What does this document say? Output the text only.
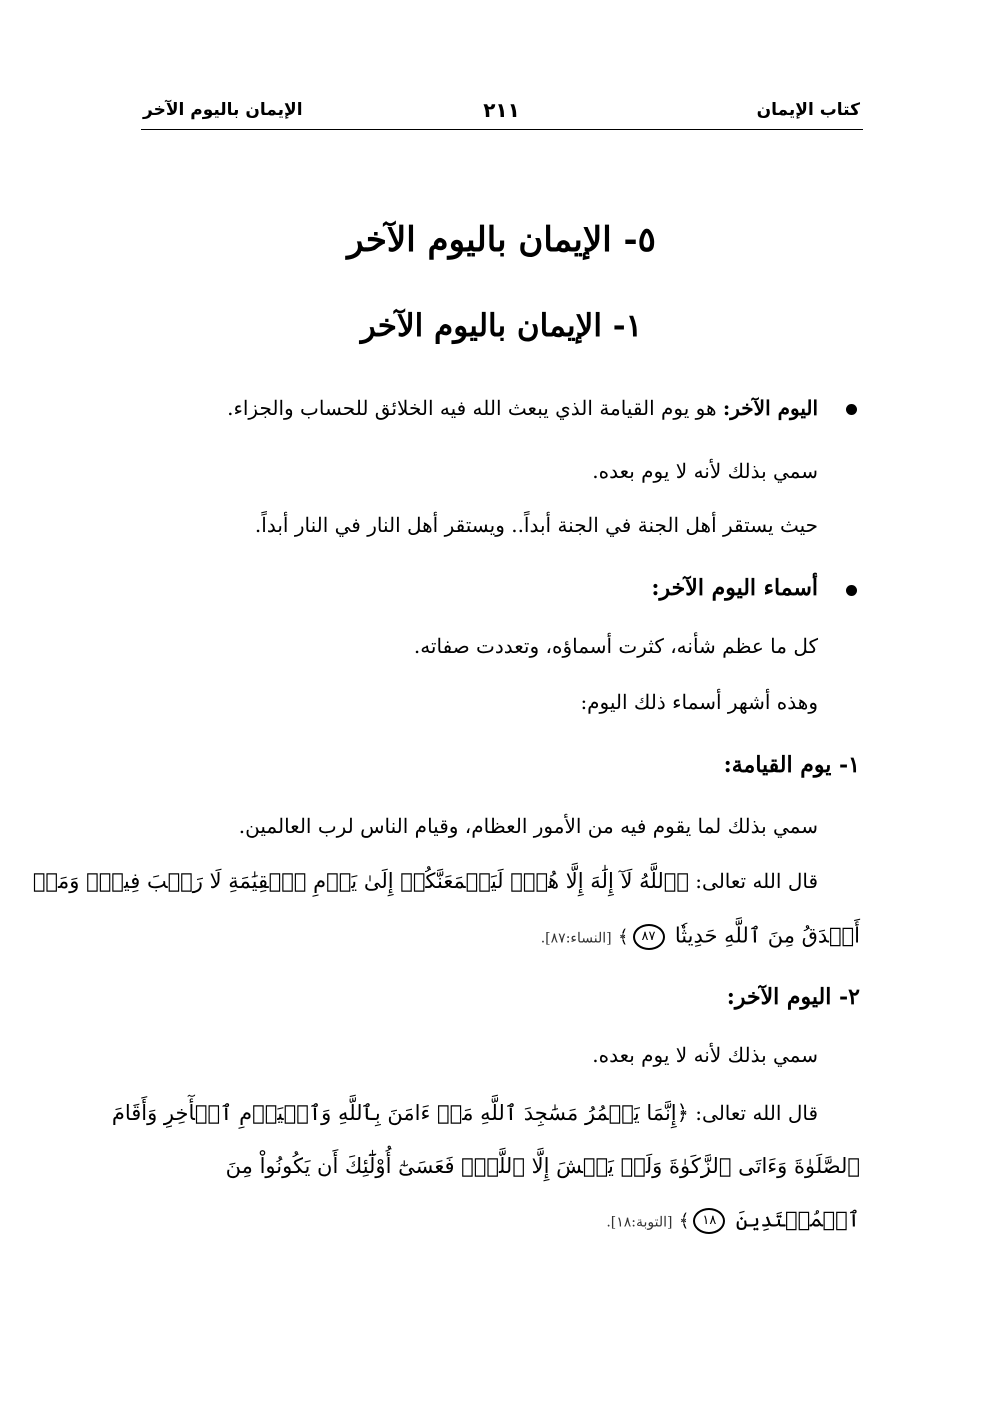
كتاب الإيمان
٢١١
الإيمان باليوم الآخر
٥- الإيمان باليوم الآخر
١- الإيمان باليوم الآخر
اليوم الآخر: هو يوم القيامة الذي يبعث الله فيه الخلائق للحساب والجزاء.
سمي بذلك لأنه لا يوم بعده.
حيث يستقر أهل الجنة في الجنة أبداً.. ويستقر أهل النار في النار أبداً.
أسماء اليوم الآخر:
كل ما عظم شأنه، كثرت أسماؤه، وتعددت صفاته.
وهذه أشهر أسماء ذلك اليوم:
١- يوم القيامة:
سمي بذلك لما يقوم فيه من الأمور العظام، وقيام الناس لرب العالمين.
قال الله تعالى: ﴿ٱللَّهُ لَآ إِلَٰهَ إِلَّا هُوَۚ لَيَجۡمَعَنَّكُمۡ إِلَىٰ يَوۡمِ ٱلۡقِيَٰمَةِ لَا رَيۡبَ فِيهِۗ وَمَنۡ
أَصۡدَقُ مِنَ ٱللَّهِ حَدِيثٗا ٨٧﴾ [النساء:٨٧].
٢- اليوم الآخر:
سمي بذلك لأنه لا يوم بعده.
قال الله تعالى: ﴿إِنَّمَا يَعۡمُرُ مَسَٰجِدَ ٱللَّهِ مَنۡ ءَامَنَ بِٱللَّهِ وَٱلۡيَوۡمِ ٱلۡأٓخِرِ وَأَقَامَ
ٱلصَّلَوٰةَ وَءَاتَى ٱلزَّكَوٰةَ وَلَمۡ يَخۡشَ إِلَّا ٱللَّهَۖ فَعَسَىٰٓ أُوْلَٰٓئِكَ أَن يَكُونُواْ مِنَ
ٱلۡمُهۡتَدِينَ ١٨﴾ [التوبة:١٨].
